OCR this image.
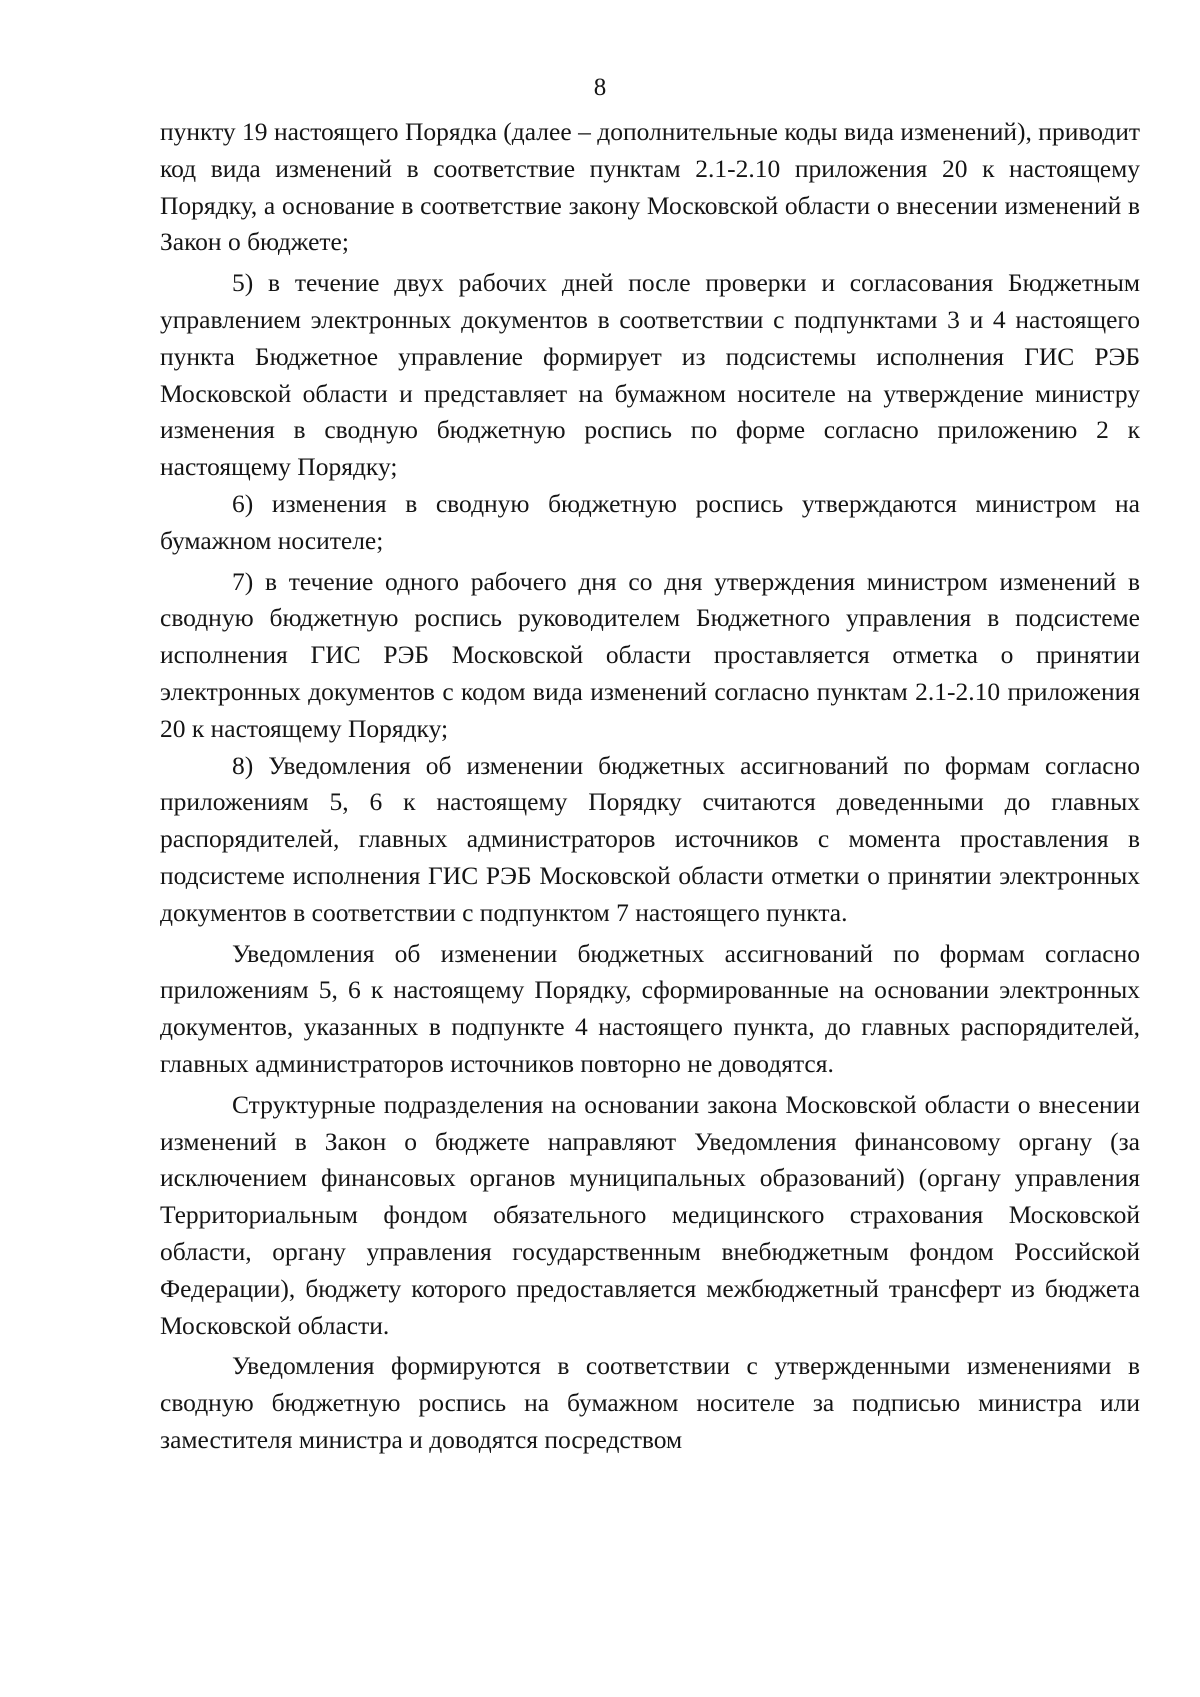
8

пункту 19 настоящего Порядка (далее – дополнительные коды вида изменений), приводит код вида изменений в соответствие пунктам 2.1-2.10 приложения 20 к настоящему Порядку, а основание в соответствие закону Московской области о внесении изменений в Закон о бюджете;

5) в течение двух рабочих дней после проверки и согласования Бюджетным управлением электронных документов в соответствии с подпунктами 3 и 4 настоящего пункта Бюджетное управление формирует из подсистемы исполнения ГИС РЭБ Московской области и представляет на бумажном носителе на утверждение министру изменения в сводную бюджетную роспись по форме согласно приложению 2 к настоящему Порядку;

6) изменения в сводную бюджетную роспись утверждаются министром на бумажном носителе;

7) в течение одного рабочего дня со дня утверждения министром изменений в сводную бюджетную роспись руководителем Бюджетного управления в подсистеме исполнения ГИС РЭБ Московской области проставляется отметка о принятии электронных документов с кодом вида изменений согласно пунктам 2.1-2.10 приложения 20 к настоящему Порядку;

8) Уведомления об изменении бюджетных ассигнований по формам согласно приложениям 5, 6 к настоящему Порядку считаются доведенными до главных распорядителей, главных администраторов источников с момента проставления в подсистеме исполнения ГИС РЭБ Московской области отметки о принятии электронных документов в соответствии с подпунктом 7 настоящего пункта.

Уведомления об изменении бюджетных ассигнований по формам согласно приложениям 5, 6 к настоящему Порядку, сформированные на основании электронных документов, указанных в подпункте 4 настоящего пункта, до главных распорядителей, главных администраторов источников повторно не доводятся.

Структурные подразделения на основании закона Московской области о внесении изменений в Закон о бюджете направляют Уведомления финансовому органу (за исключением финансовых органов муниципальных образований) (органу управления Территориальным фондом обязательного медицинского страхования Московской области, органу управления государственным внебюджетным фондом Российской Федерации), бюджету которого предоставляется межбюджетный трансферт из бюджета Московской области.

Уведомления формируются в соответствии с утвержденными изменениями в сводную бюджетную роспись на бумажном носителе за подписью министра или заместителя министра и доводятся посредством
